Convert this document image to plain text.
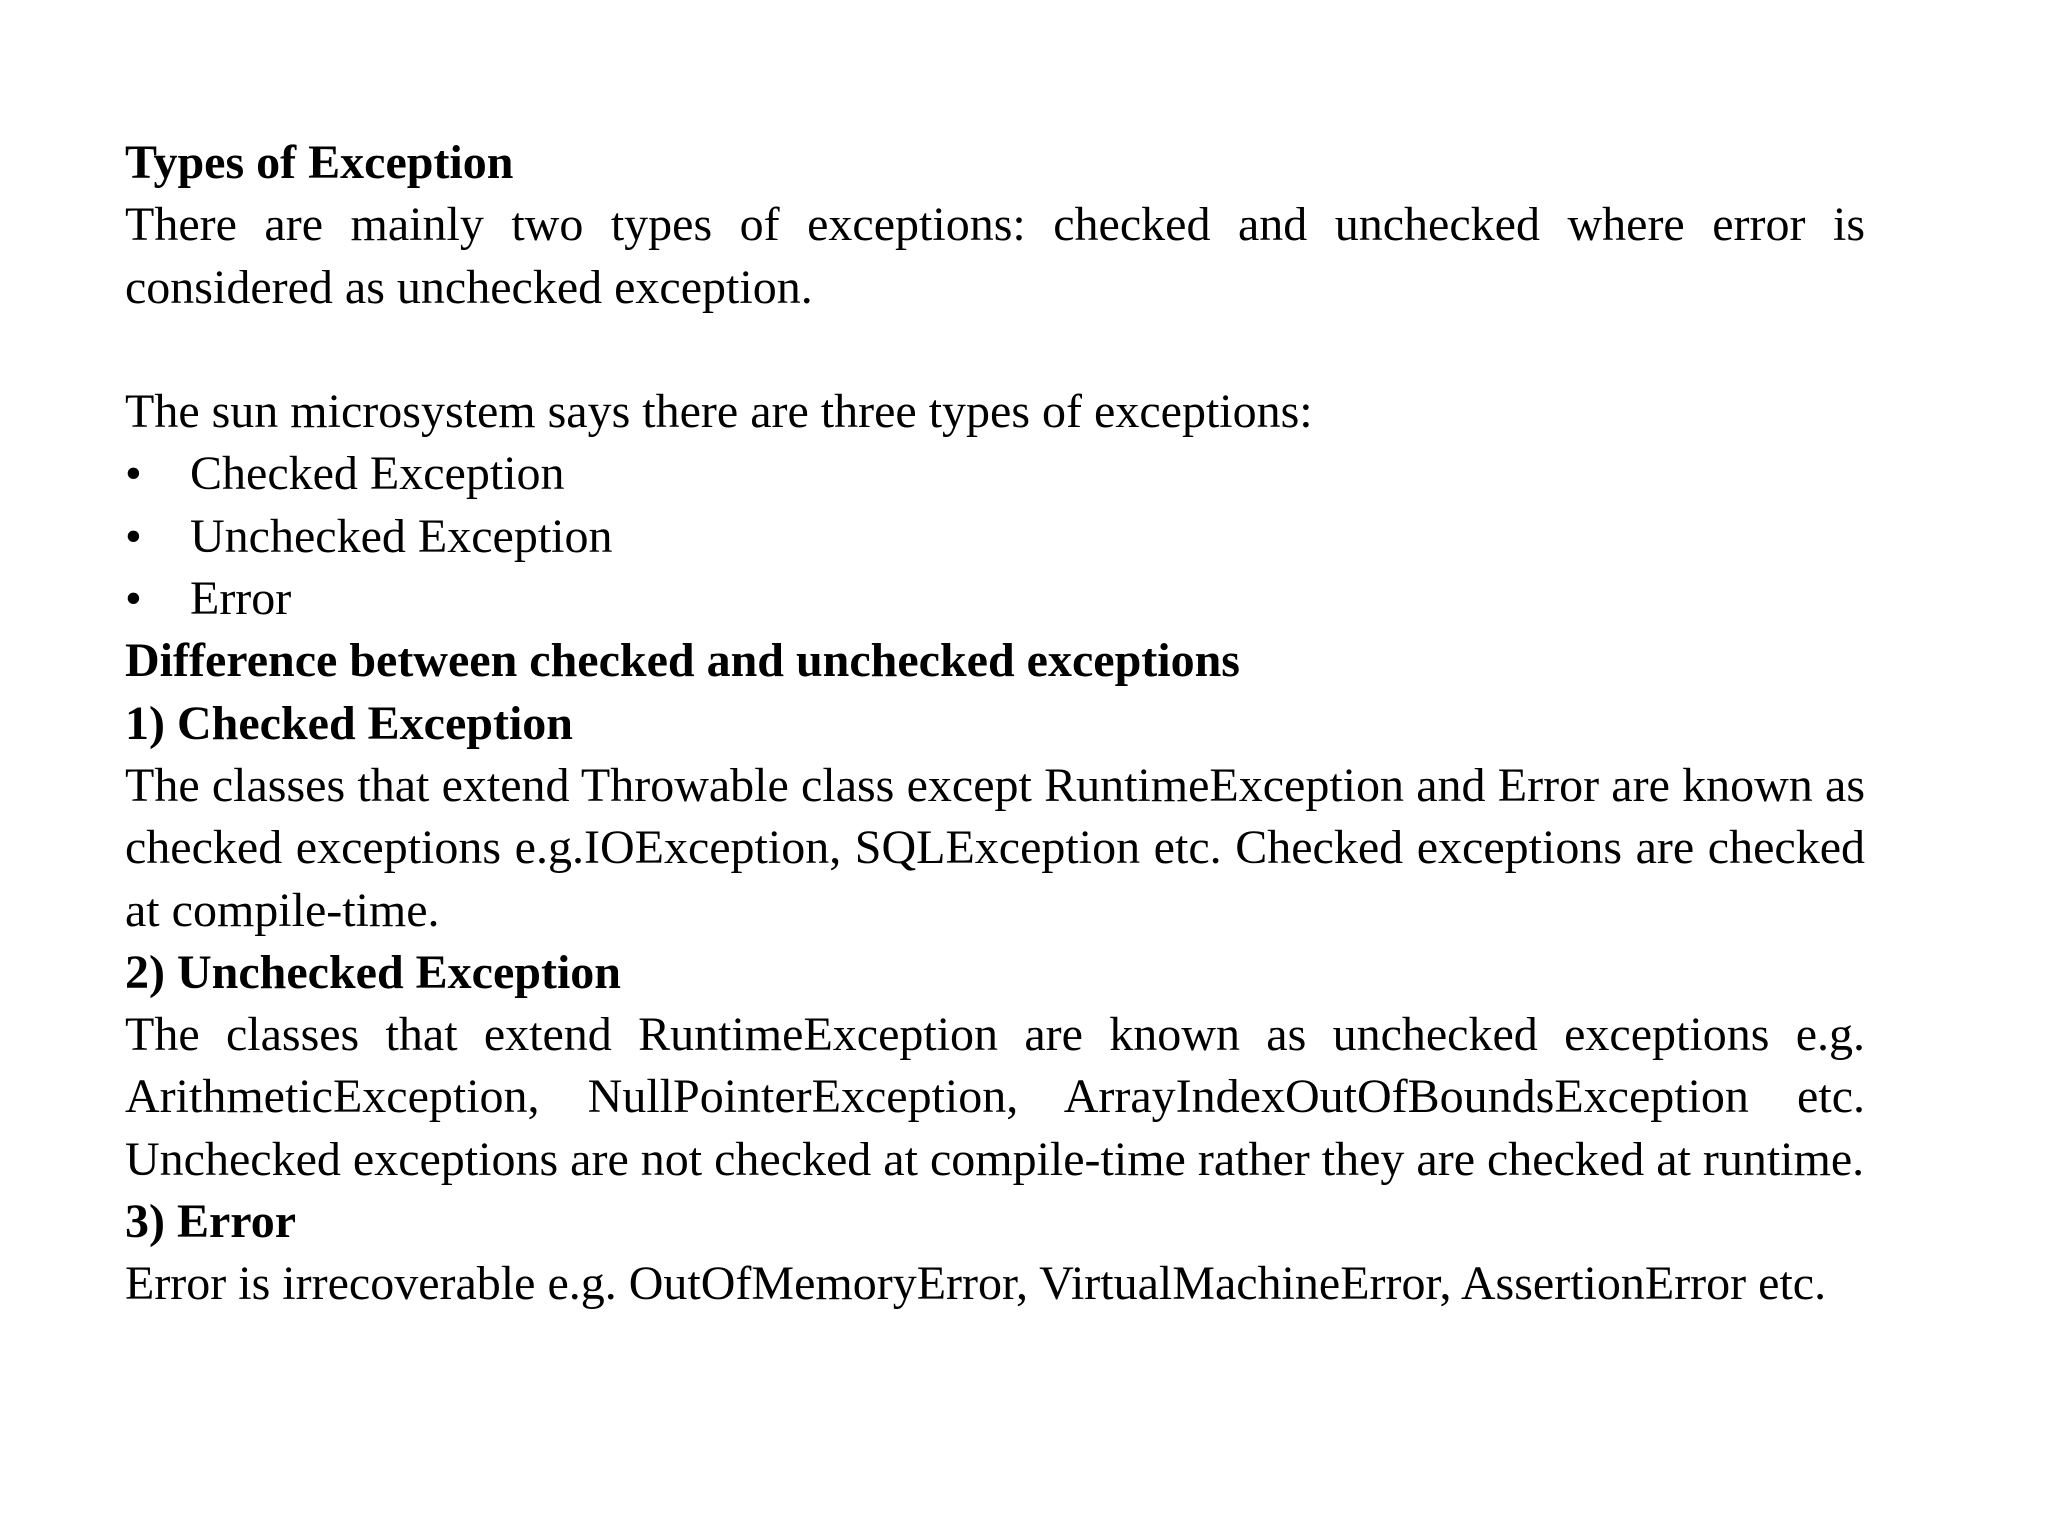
Types of Exception

There are mainly two types of exceptions: checked and unchecked where error is considered as unchecked exception.

The sun microsystem says there are three types of exceptions:

• Checked Exception
• Unchecked Exception
• Error

Difference between checked and unchecked exceptions

1) Checked Exception

The classes that extend Throwable class except RuntimeException and Error are known as checked exceptions e.g.IOException, SQLException etc. Checked exceptions are checked at compile-time.

2) Unchecked Exception

The classes that extend RuntimeException are known as unchecked exceptions e.g. ArithmeticException, NullPointerException, ArrayIndexOutOfBoundsException etc. Unchecked exceptions are not checked at compile-time rather they are checked at runtime.

3) Error

Error is irrecoverable e.g. OutOfMemoryError, VirtualMachineError, AssertionError etc.
